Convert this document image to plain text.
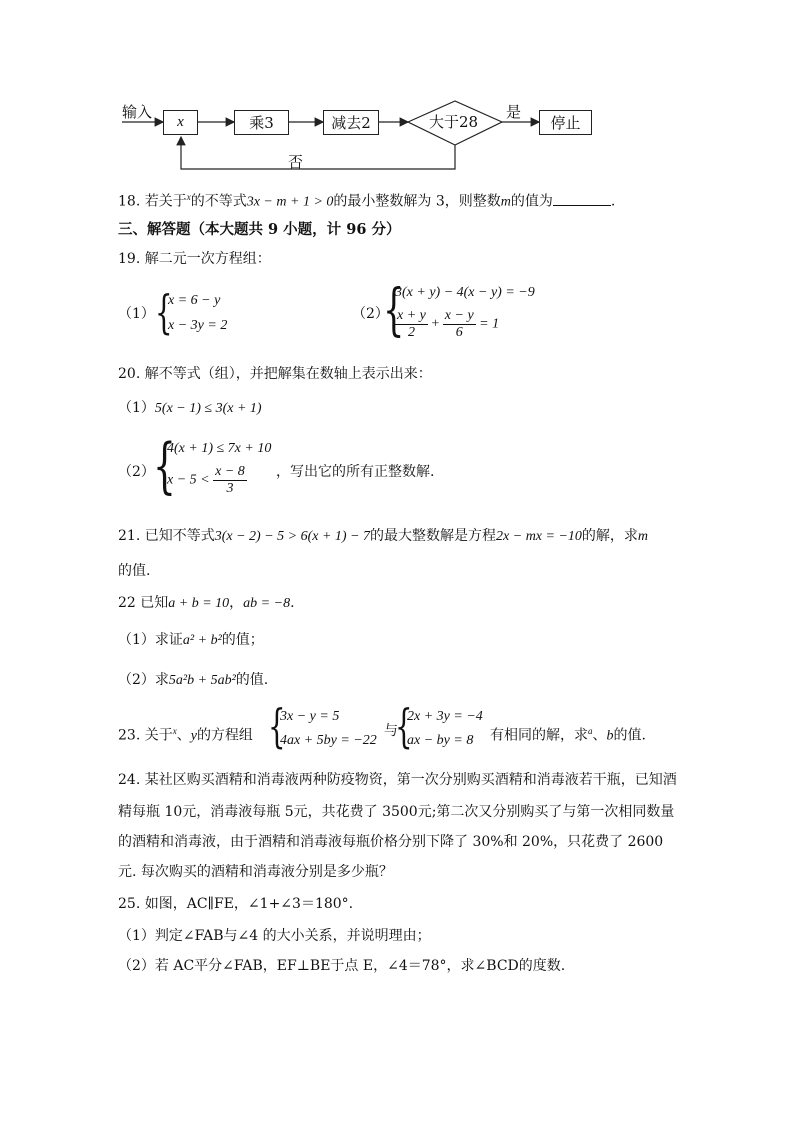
输入
x	乘3	减去2	大于28
是
停止
否
18. 若关于$^x$的不等式3x − m + 1 > 0的最小整数解为 3，则整数m的值为	.
三、解答题（本大题共 9 小题，计 96 分）
19. 解二元一次方程组：
（1） {
x = 6 − y
x − 3y = 2
（2）
{
3(x + y) − 4(x − y) = −9
$\frac{x + y}{2} + \frac{x - y}{6} = 1$
20. 解不等式（组），并把解集在数轴上表示出来：
（1）5(x − 1) ≤ 3(x + 1)
（2）
{
4(x + 1) ≤ 7x + 10
$x - 5 < \frac{x - 8}{3}$ ，写出它的所有正整数解.
21. 已知不等式3(x − 2) − 5 > 6(x + 1) − 7的最大整数解是方程2x − mx = −10的解，求m
的值.
22 已知a + b = 10，ab = −8.
（1）求证a² + b²的值；
（2）求5a²b + 5ab²的值.
23. 关于$^x$、y的方程组 {
3x − y = 5
4ax + 5by = −22
与
{
2x + 3y = −4
ax − by = 8 有相同的解，求$^a$、b的值.
24. 某社区购买酒精和消毒液两种防疫物资，第一次分别购买酒精和消毒液若干瓶，已知酒
精每瓶 10元，消毒液每瓶 5元，共花费了 3500元;第二次又分别购买了与第一次相同数量
的酒精和消毒液，由于酒精和消毒液每瓶价格分别下降了 30%和 20%，只花费了 2600
元. 每次购买的酒精和消毒液分别是多少瓶？
25. 如图，AC∥FE，∠1+∠3＝180°.
（1）判定∠FAB与∠4 的大小关系，并说明理由；
（2）若 AC平分∠FAB，EF⊥BE于点 E，∠4＝78°，求∠BCD的度数.
